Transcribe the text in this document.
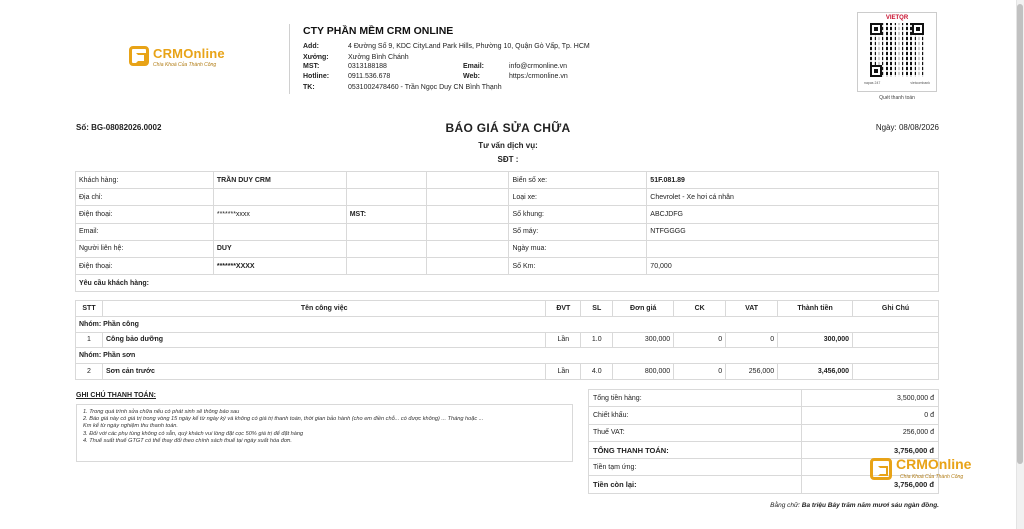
CRMOnline
Chìa Khoá Của Thành Công
CTY PHẦN MỀM CRM ONLINE
Add:	4 Đường Số 9, KDC CityLand Park Hills, Phường 10, Quận Gò Vấp, Tp. HCM
Xưởng:	Xưởng Bình Chánh
MST:	0313188188	Email:	info@crmonline.vn
Hotline:	0911.536.678	Web:	https:/crmonline.vn
TK:	0531002478460 - Trần Ngọc Duy CN Bình Thạnh
VIETQR
napas 247	vietcombank
Quét thanh toán
Số: BG-08082026.0002	BÁO GIÁ SỬA CHỮA	Ngày: 08/08/2026
Tư vấn dịch vụ:
SĐT :
Khách hàng:	TRẦN DUY CRM			Biển số xe:	51F.081.89
Địa chỉ:				Loại xe:	Chevrolet - Xe hơi cá nhân
Điện thoại:	*******xxxx	MST:		Số khung:	ABCJDFG
Email:				Số máy:	NTFGGGG
Người liên hệ:	DUY			Ngày mua:	
Điện thoại:	*******XXXX			Số Km:	70,000
Yêu cầu khách hàng:					
STT	Tên công việc	ĐVT	SL	Đơn giá	CK	VAT	Thành tiền	Ghi Chú
Nhóm: Phần công								
1	Công bảo dưỡng	Lần	1.0	300,000	0	0	300,000	
Nhóm: Phần sơn								
2	Sơn cản trước	Lần	4.0	800,000	0	256,000	3,456,000	
GHI CHÚ THANH TOÁN:
1. Trong quá trình sửa chữa nếu có phát sinh sẽ thông báo sau
2. Báo giá này có giá trị trong vòng 15 ngày kể từ ngày ký và không có giá trị thanh toán, thời gian bảo hành (cho em điền chỗ... có được không) ... Tháng hoặc ...
Km kể từ ngày nghiệm thu thanh toán.
3. Đối với các phụ tùng không có sẵn, quý khách vui lòng đặt cọc 50% giá trị để đặt hàng
4. Thuế suất thuế GTGT có thể thay đổi theo chính sách thuế tại ngày xuất hóa đơn.
Tổng tiền hàng:	3,500,000 đ
Chiết khấu:	0 đ
Thuế VAT:	256,000 đ
TỔNG THANH TOÁN:	3,756,000 đ
Tiền tạm ứng:	
Tiền còn lại:	3,756,000 đ
Bằng chữ: Ba triệu Bảy trăm năm mươi sáu ngàn đồng.
CRMOnline
Chìa Khoá Của Thành Công
